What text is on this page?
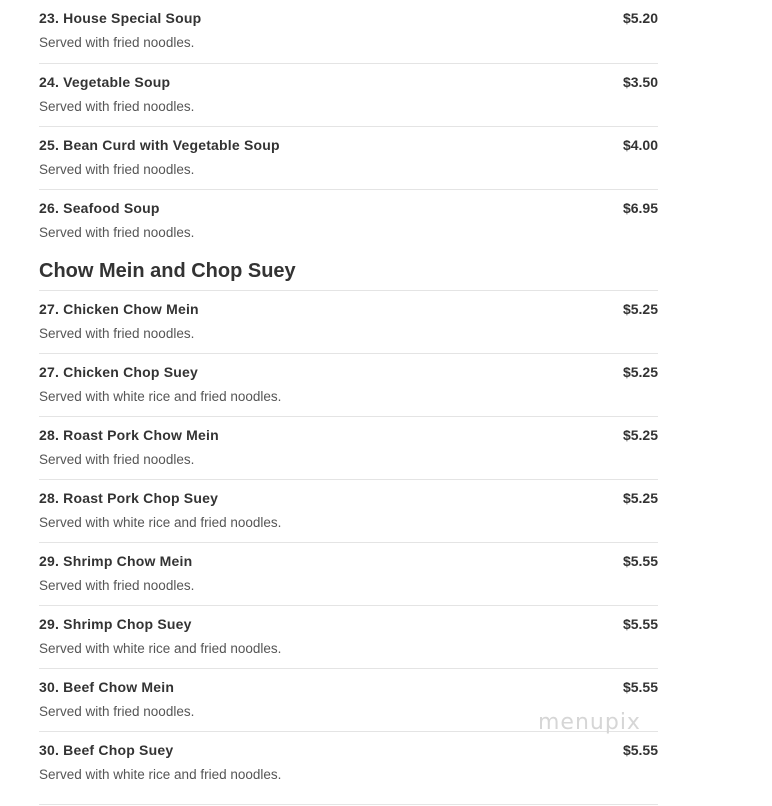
23. House Special Soup	$5.20
Served with fried noodles.
24. Vegetable Soup	$3.50
Served with fried noodles.
25. Bean Curd with Vegetable Soup	$4.00
Served with fried noodles.
26. Seafood Soup	$6.95
Served with fried noodles.
Chow Mein and Chop Suey
27. Chicken Chow Mein	$5.25
Served with fried noodles.
27. Chicken Chop Suey	$5.25
Served with white rice and fried noodles.
28. Roast Pork Chow Mein	$5.25
Served with fried noodles.
28. Roast Pork Chop Suey	$5.25
Served with white rice and fried noodles.
29. Shrimp Chow Mein	$5.55
Served with fried noodles.
29. Shrimp Chop Suey	$5.55
Served with white rice and fried noodles.
30. Beef Chow Mein	$5.55
Served with fried noodles.
30. Beef Chop Suey	$5.55
Served with white rice and fried noodles.
menupix
